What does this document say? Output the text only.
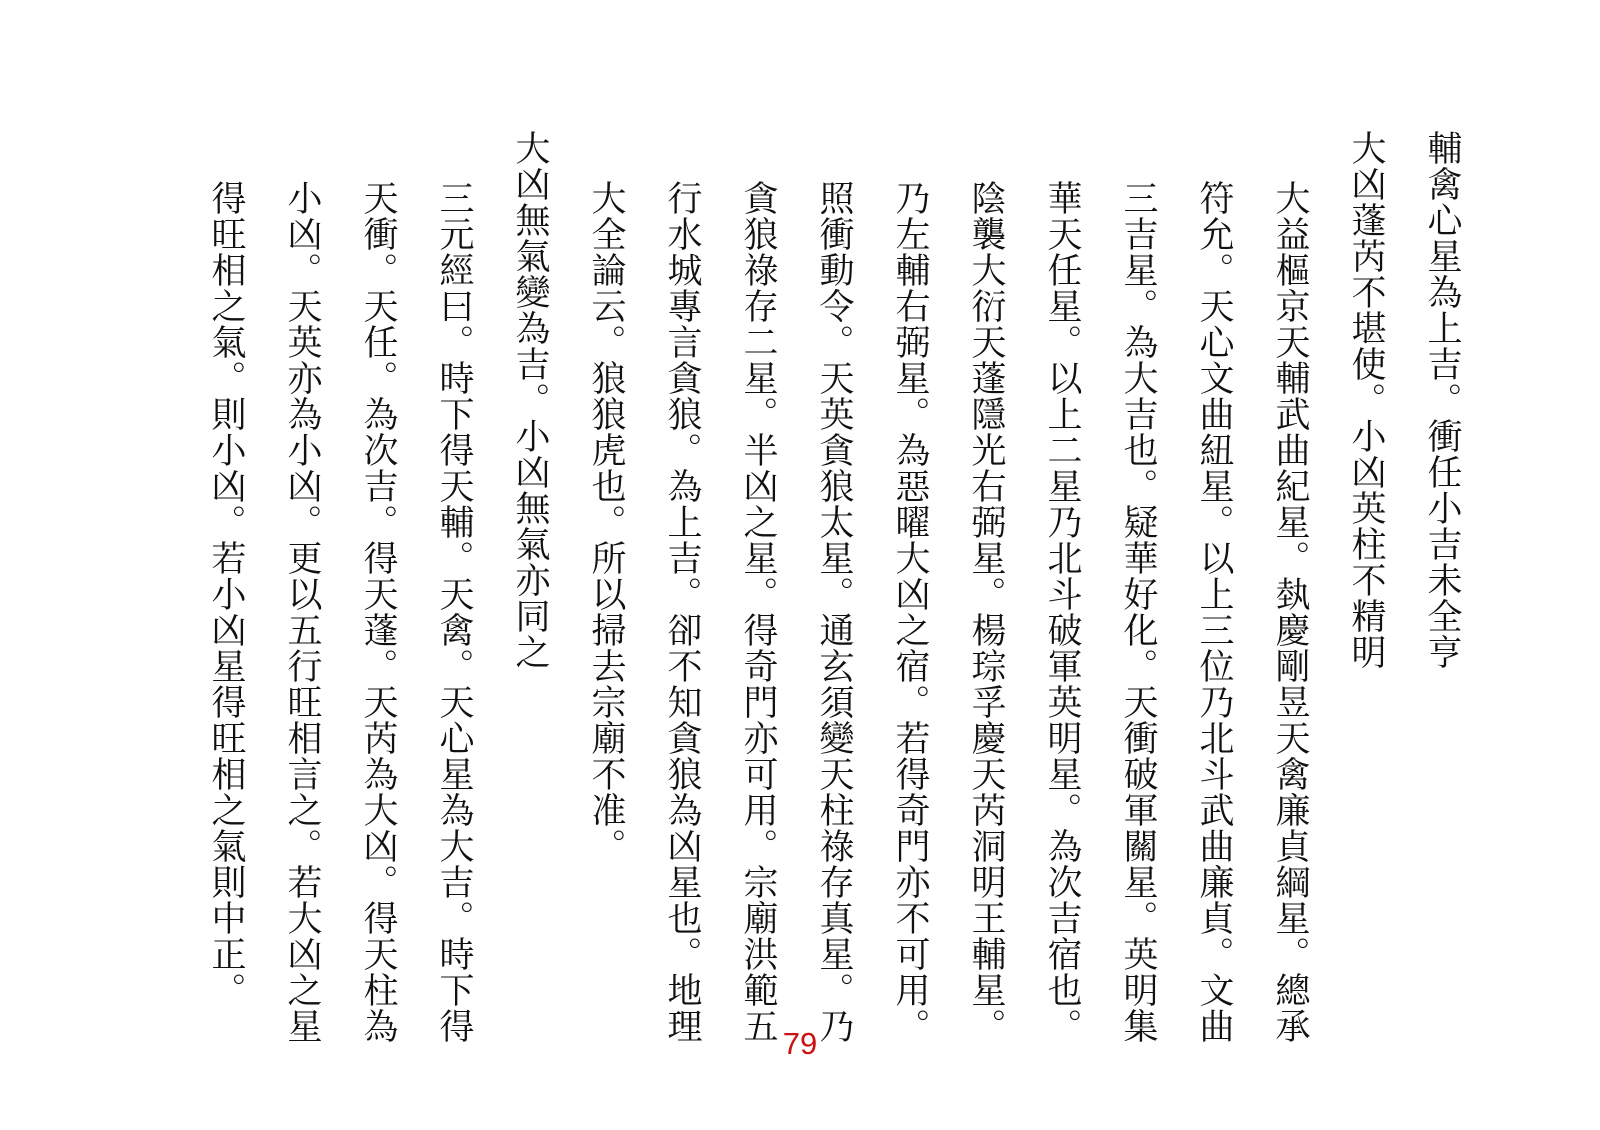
輔禽心星為上吉。衝任小吉未全亨
大凶蓬芮不堪使。小凶英柱不精明
大益樞京天輔武曲紀星。埶慶剛昱天禽廉貞綱星。總承
符允。天心文曲紐星。以上三位乃北斗武曲廉貞。文曲
三吉星。為大吉也。疑華好化。天衝破軍關星。英明集
華天任星。以上二星乃北斗破軍英明星。為次吉宿也。
陰襲大衍天蓬隱光右弼星。楊琮孚慶天芮洞明王輔星。
乃左輔右弼星。為惡曜大凶之宿。若得奇門亦不可用。
照衝動令。天英貪狼太星。通玄須變天柱祿存真星。乃
貪狼祿存二星。半凶之星。得奇門亦可用。宗廟洪範五
行水城專言貪狼。為上吉。卻不知貪狼為凶星也。地理
大全論云。狼狼虎也。所以掃去宗廟不准。
大凶無氣變為吉。小凶無氣亦同之
三元經曰。時下得天輔。天禽。天心星為大吉。時下得
天衝。天任。為次吉。得天蓬。天芮為大凶。得天柱為
小凶。天英亦為小凶。更以五行旺相言之。若大凶之星
得旺相之氣。則小凶。若小凶星得旺相之氣則中正。
79
